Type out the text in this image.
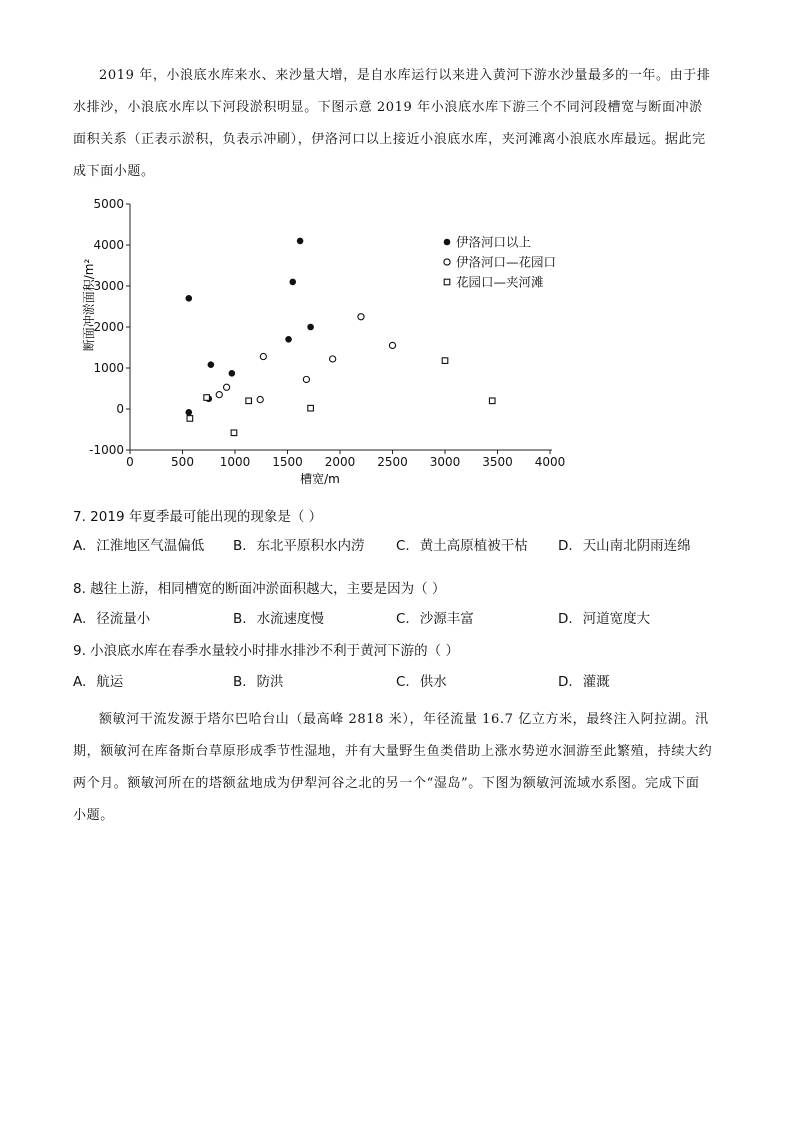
2019 年，小浪底水库来水、来沙量大增，是自水库运行以来进入黄河下游水沙量最多的一年。由于排水排沙，小浪底水库以下河段淤积明显。下图示意 2019 年小浪底水库下游三个不同河段槽宽与断面冲淤面积关系（正表示淤积，负表示冲刷），伊洛河口以上接近小浪底水库，夹河滩离小浪底水库最远。据此完成下面小题。
0	500 1000 1500 2000 2500 3000 3500 4000
5000
4000
3000
2000
1000
0
-1000
槽宽/m
断面冲淤面积/m²
伊洛河口以上
伊洛河口—花园口
花园口—夹河滩
7. 2019 年夏季最可能出现的现象是（ ）
A. 江淮地区气温偏低 B. 东北平原积水内涝 C. 黄土高原植被干枯 D. 天山南北阴雨连绵
8. 越往上游，相同槽宽的断面冲淤面积越大，主要是因为（ ）
A. 径流量小	B. 水流速度慢	C. 沙源丰富	D. 河道宽度大
9. 小浪底水库在春季水量较小时排水排沙不利于黄河下游的（ ）
A. 航运	B. 防洪	C. 供水	D. 灌溉
额敏河干流发源于塔尔巴哈台山（最高峰 2818 米），年径流量 16.7 亿立方米，最终注入阿拉湖。汛期，额敏河在库备斯台草原形成季节性湿地，并有大量野生鱼类借助上涨水势逆水洄游至此繁殖，持续大约两个月。额敏河所在的塔额盆地成为伊犁河谷之北的另一个“湿岛”。下图为额敏河流域水系图。完成下面小题。
